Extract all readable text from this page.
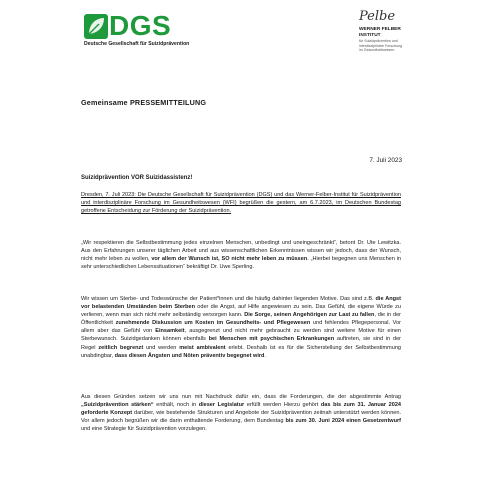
DGS
Deutsche Gesellschaft für Suizidprävention
Pelbe
WERNER FELBER
INSTITUT
für Suizidprävention und
interdisziplinäre Forschung
im Gesundheitswesen
Gemeinsame PRESSEMITTEILUNG
7. Juli 2023
Suizidprävention VOR Suizidassistenz!
Dresden, 7. Juli 2023: Die Deutsche Gesellschaft für Suizidprävention (DGS) und das Werner-Felber-Institut für Suizidprävention und interdisziplinäre Forschung im Gesundheitswesen (WFI) begrüßen die gestern, am 6.7.2023, im Deutschen Bundestag getroffene Entscheidung zur Förderung der Suizidprävention.
„Wir respektieren die Selbstbestimmung jedes einzelnen Menschen, unbedingt und uneingeschränkt“, betont Dr. Ute Lewitzka. Aus den Erfahrungen unserer täglichen Arbeit und aus wissenschaftlichen Erkenntnissen wissen wir jedoch, dass der Wunsch, nicht mehr leben zu wollen, vor allem der Wunsch ist, SO nicht mehr leben zu müssen. „Hierbei begegnen uns Menschen in sehr unterschiedlichen Lebenssituationen“ bekräftigt Dr. Uwe Sperling.
Wir wissen um Sterbe- und Todeswünsche der Patient*innen und die häufig dahinter liegenden Motive. Das sind z.B. die Angst vor belastenden Umständen beim Sterben oder die Angst, auf Hilfe angewiesen zu sein. Das Gefühl, die eigene Würde zu verlieren, wenn man sich nicht mehr selbständig versorgen kann. Die Sorge, seinen Angehörigen zur Last zu fallen, die in der Öffentlichkeit zunehmende Diskussion um Kosten im Gesundheits- und Pflegewesen und fehlendes Pflegepersonal. Vor allem aber das Gefühl von Einsamkeit, ausgegrenzt und nicht mehr gebraucht zu werden sind weitere Motive für einen Sterbewunsch. Suizidgedanken können ebenfalls bei Menschen mit psychischen Erkrankungen auftreten, sie sind in der Regel zeitlich begrenzt und werden meist ambivalent erlebt. Deshalb ist es für die Sicherstellung der Selbstbestimmung unabdingbar, dass diesen Ängsten und Nöten präventiv begegnet wird.
Aus diesen Gründen setzen wir uns nun mit Nachdruck dafür ein, dass die Forderungen, die der abgestimmte Antrag „Suizidprävention stärken“ enthält, noch in dieser Legislatur erfüllt werden Hierzu gehört das bis zum 31. Januar 2024 geforderte Konzept darüber, wie bestehende Strukturen und Angebote der Suizidprävention zeitnah unterstützt werden können. Vor allem jedoch begrüßen wir die darin enthaltende Forderung, dem Bundestag bis zum 30. Juni 2024 einen Gesetzentwurf und eine Strategie für Suizidprävention vorzulegen.
